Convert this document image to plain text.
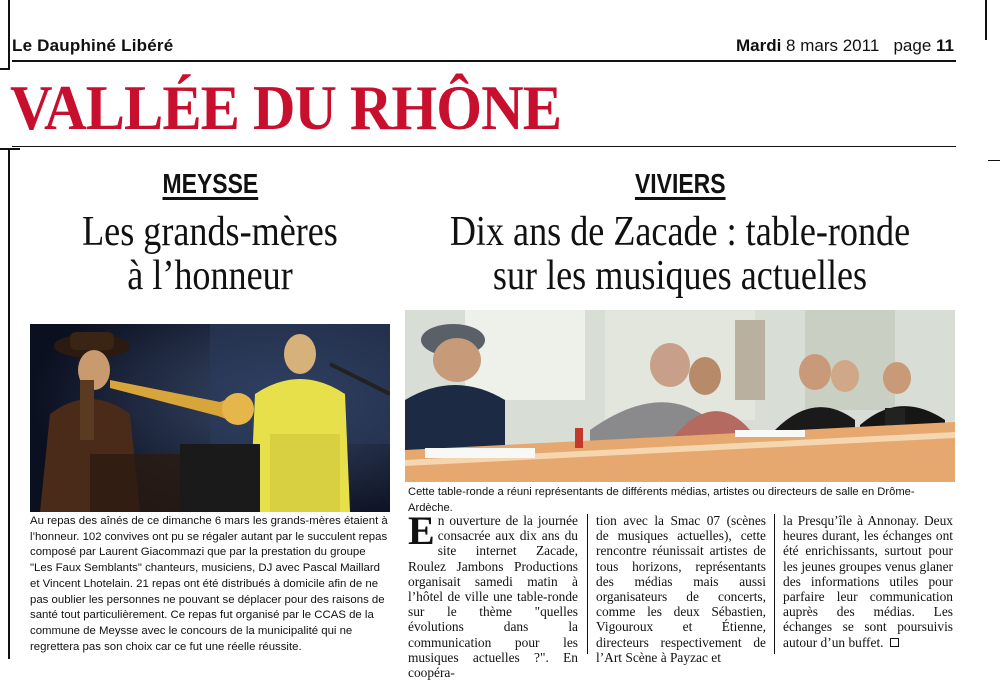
Le Dauphiné Libéré	Mardi 8 mars 2011 page 11
VALLÉE DU RHÔNE
MEYSSE
Les grands-mères
à l’honneur
Au repas des aînés de ce dimanche 6 mars les grands-mères étaient à l’honneur. 102 convives ont pu se régaler autant par le succulent repas composé par Laurent Giacommazi que par la prestation du groupe "Les Faux Semblants" chanteurs, musiciens, DJ avec Pascal Maillard et Vincent Lhotelain. 21 repas ont été distribués à domicile afin de ne pas oublier les personnes ne pouvant se déplacer pour des raisons de santé tout particulièrement. Ce repas fut organisé par le CCAS de la commune de Meysse avec le concours de la municipalité qui ne regrettera pas son choix car ce fut une réelle réussite.
VIVIERS
Dix ans de Zacade : table-ronde
sur les musiques actuelles
Cette table-ronde a réuni représentants de différents médias, artistes ou directeurs de salle en Drôme-Ardèche.
En ouverture de la journée consacrée aux dix ans du site internet Zacade, Roulez Jambons Productions organisait samedi matin à l’hôtel de ville une table-ronde sur le thème "quelles évolutions dans la communication pour les musiques actuelles ?". En coopéra-
tion avec la Smac 07 (scènes de musiques actuelles), cette rencontre réunissait artistes de tous horizons, représentants des médias mais aussi organisateurs de concerts, comme les deux Sébastien, Vigouroux et Étienne, directeurs respectivement de l’Art Scène à Payzac et
la Presqu’île à Annonay. Deux heures durant, les échanges ont été enrichissants, surtout pour les jeunes groupes venus glaner des informations utiles pour parfaire leur communication auprès des médias. Les échanges se sont poursuivis autour d’un buffet.
